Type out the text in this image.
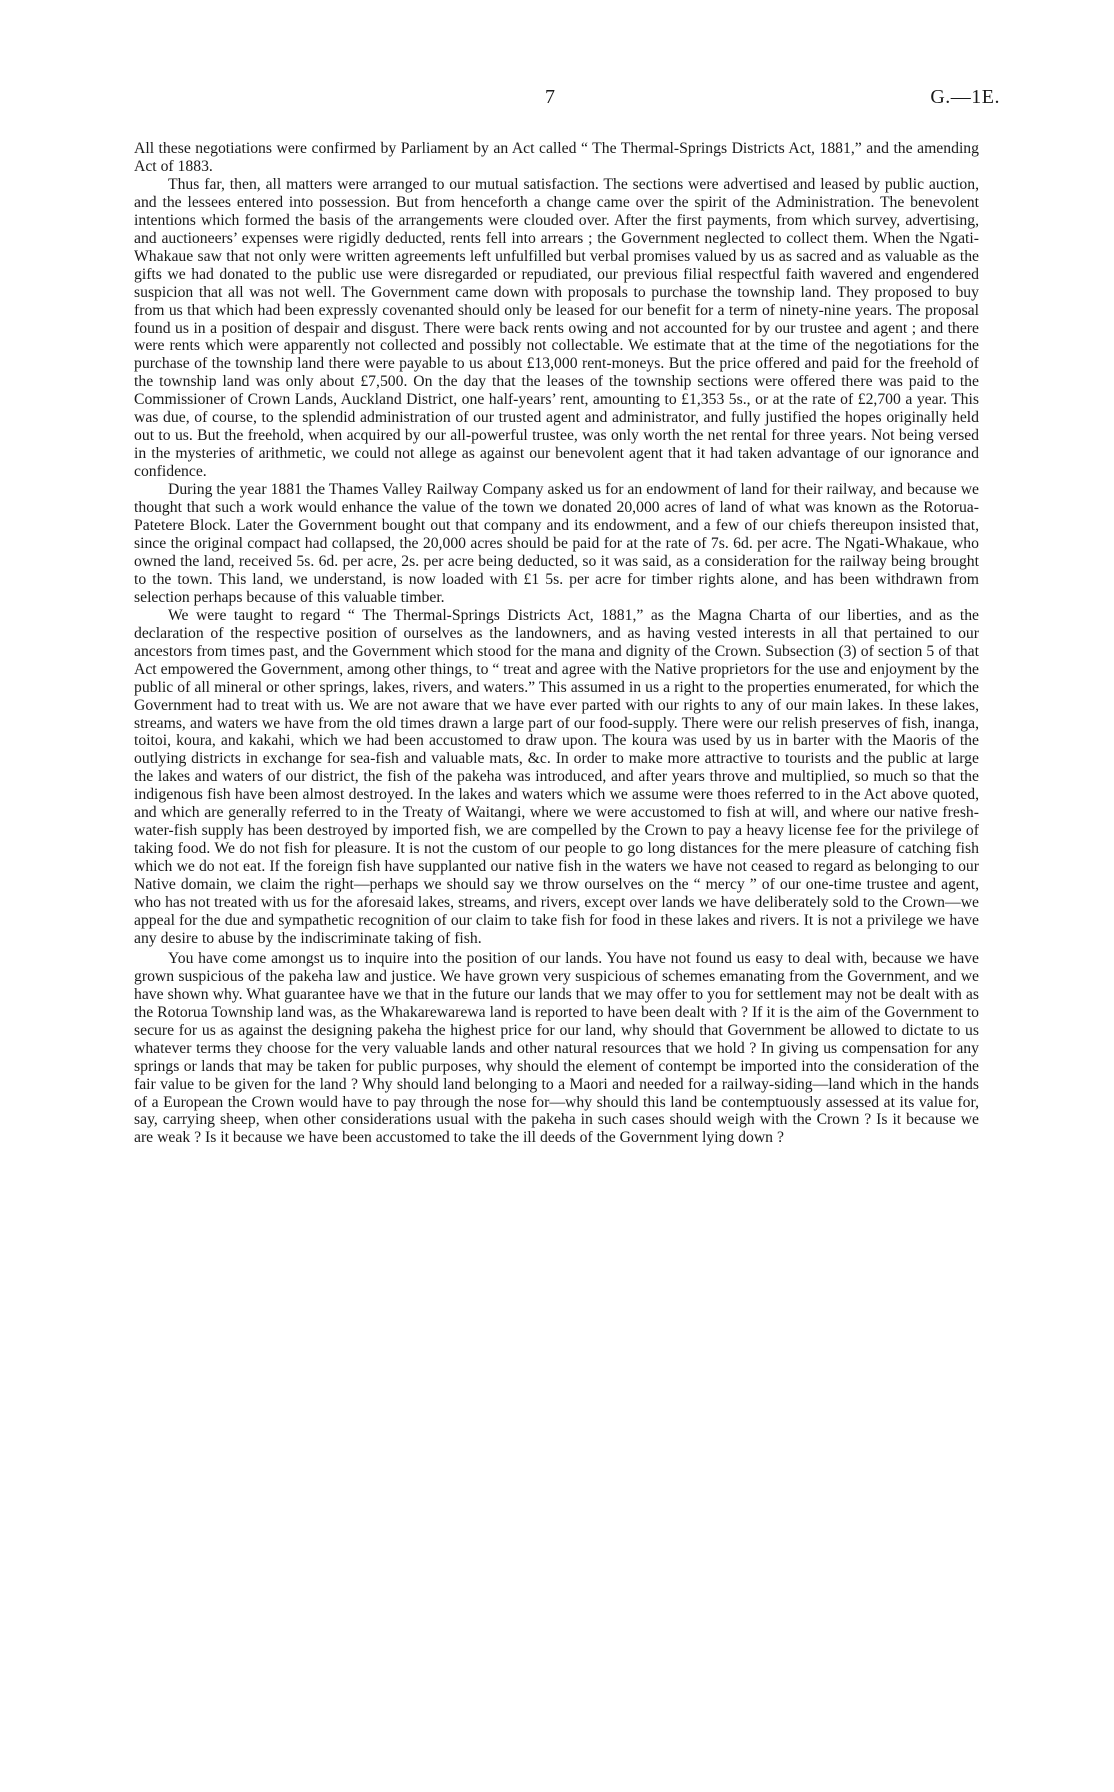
7	G.—1E.

All these negotiations were confirmed by Parliament by an Act called “ The Thermal-Springs Districts Act, 1881,” and the amending Act of 1883.

Thus far, then, all matters were arranged to our mutual satisfaction. The sections were advertised and leased by public auction, and the lessees entered into possession. But from henceforth a change came over the spirit of the Administration. The benevolent intentions which formed the basis of the arrangements were clouded over. After the first payments, from which survey, advertising, and auctioneers’ expenses were rigidly deducted, rents fell into arrears ; the Government neglected to collect them. When the Ngati-Whakaue saw that not only were written agreements left unfulfilled but verbal promises valued by us as sacred and as valuable as the gifts we had donated to the public use were disregarded or repudiated, our previous filial respectful faith wavered and engendered suspicion that all was not well. The Government came down with proposals to purchase the township land. They proposed to buy from us that which had been expressly covenanted should only be leased for our benefit for a term of ninety-nine years. The proposal found us in a position of despair and disgust. There were back rents owing and not accounted for by our trustee and agent ; and there were rents which were apparently not collected and possibly not collectable. We estimate that at the time of the negotiations for the purchase of the township land there were payable to us about £13,000 rent-moneys. But the price offered and paid for the freehold of the township land was only about £7,500. On the day that the leases of the township sections were offered there was paid to the Commissioner of Crown Lands, Auckland District, one half-years’ rent, amounting to £1,353 5s., or at the rate of £2,700 a year. This was due, of course, to the splendid administration of our trusted agent and administrator, and fully justified the hopes originally held out to us. But the freehold, when acquired by our all-powerful trustee, was only worth the net rental for three years. Not being versed in the mysteries of arithmetic, we could not allege as against our benevolent agent that it had taken advantage of our ignorance and confidence.

During the year 1881 the Thames Valley Railway Company asked us for an endowment of land for their railway, and because we thought that such a work would enhance the value of the town we donated 20,000 acres of land of what was known as the Rotorua-Patetere Block. Later the Government bought out that company and its endowment, and a few of our chiefs thereupon insisted that, since the original compact had collapsed, the 20,000 acres should be paid for at the rate of 7s. 6d. per acre. The Ngati-Whakaue, who owned the land, received 5s. 6d. per acre, 2s. per acre being deducted, so it was said, as a consideration for the railway being brought to the town. This land, we understand, is now loaded with £1 5s. per acre for timber rights alone, and has been withdrawn from selection perhaps because of this valuable timber.

We were taught to regard “ The Thermal-Springs Districts Act, 1881,” as the Magna Charta of our liberties, and as the declaration of the respective position of ourselves as the landowners, and as having vested interests in all that pertained to our ancestors from times past, and the Government which stood for the mana and dignity of the Crown. Subsection (3) of section 5 of that Act empowered the Government, among other things, to “ treat and agree with the Native proprietors for the use and enjoyment by the public of all mineral or other springs, lakes, rivers, and waters.” This assumed in us a right to the properties enumerated, for which the Government had to treat with us. We are not aware that we have ever parted with our rights to any of our main lakes. In these lakes, streams, and waters we have from the old times drawn a large part of our food-supply. There were our relish preserves of fish, inanga, toitoi, koura, and kakahi, which we had been accustomed to draw upon. The koura was used by us in barter with the Maoris of the outlying districts in exchange for sea-fish and valuable mats, &c. In order to make more attractive to tourists and the public at large the lakes and waters of our district, the fish of the pakeha was introduced, and after years throve and multiplied, so much so that the indigenous fish have been almost destroyed. In the lakes and waters which we assume were thoes referred to in the Act above quoted, and which are generally referred to in the Treaty of Waitangi, where we were accustomed to fish at will, and where our native fresh-water-fish supply has been destroyed by imported fish, we are compelled by the Crown to pay a heavy license fee for the privilege of taking food. We do not fish for pleasure. It is not the custom of our people to go long distances for the mere pleasure of catching fish which we do not eat. If the foreign fish have supplanted our native fish in the waters we have not ceased to regard as belonging to our Native domain, we claim the right—perhaps we should say we throw ourselves on the “ mercy ” of our one-time trustee and agent, who has not treated with us for the aforesaid lakes, streams, and rivers, except over lands we have deliberately sold to the Crown—we appeal for the due and sympathetic recognition of our claim to take fish for food in these lakes and rivers. It is not a privilege we have any desire to abuse by the indiscriminate taking of fish.

You have come amongst us to inquire into the position of our lands. You have not found us easy to deal with, because we have grown suspicious of the pakeha law and justice. We have grown very suspicious of schemes emanating from the Government, and we have shown why. What guarantee have we that in the future our lands that we may offer to you for settlement may not be dealt with as the Rotorua Township land was, as the Whakarewarewa land is reported to have been dealt with ? If it is the aim of the Government to secure for us as against the designing pakeha the highest price for our land, why should that Government be allowed to dictate to us whatever terms they choose for the very valuable lands and other natural resources that we hold ? In giving us compensation for any springs or lands that may be taken for public purposes, why should the element of contempt be imported into the consideration of the fair value to be given for the land ? Why should land belonging to a Maori and needed for a railway-siding—land which in the hands of a European the Crown would have to pay through the nose for—why should this land be contemptuously assessed at its value for, say, carrying sheep, when other considerations usual with the pakeha in such cases should weigh with the Crown ? Is it because we are weak ? Is it because we have been accustomed to take the ill deeds of the Government lying down ?
